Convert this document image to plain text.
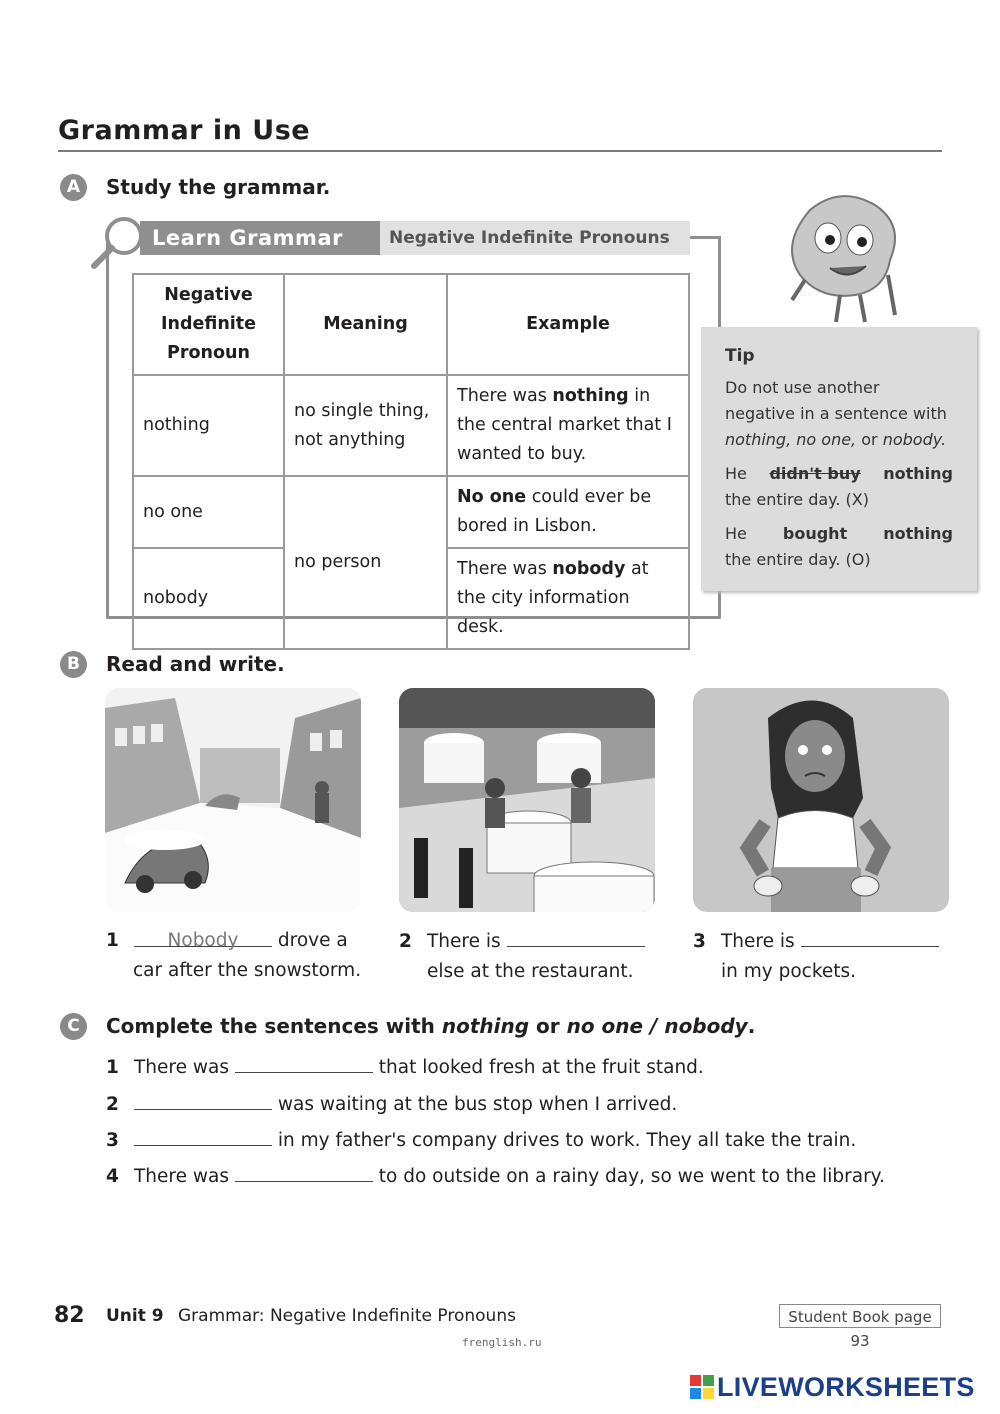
Grammar in Use
A	Study the grammar.
Learn Grammar	Negative Indefinite Pronouns
Negative Indefinite Pronoun	Meaning	Example
nothing	no single thing, not anything	There was nothing in the central market that I wanted to buy.
no one	no person	No one could ever be bored in Lisbon.
nobody		There was nobody at the city information desk.
Tip
Do not use another negative in a sentence with nothing, no one, or nobody.
He didn't buy nothing
the entire day. (X)
He bought nothing
the entire day. (O)
B	Read and write.
1	Nobody drove a
car after the snowstorm.
2 There is
else at the restaurant.
3 There is
in my pockets.
C	Complete the sentences with nothing or no one / nobody.
1 There was	that looked fresh at the fruit stand.
2	was waiting at the bus stop when I arrived.
3	in my father's company drives to work. They all take the train.
4 There was	to do outside on a rainy day, so we went to the library.
82 Unit 9 Grammar: Negative Indefinite Pronouns	Student Book page 93
frenglish.ru
LIVEWORKSHEETS
